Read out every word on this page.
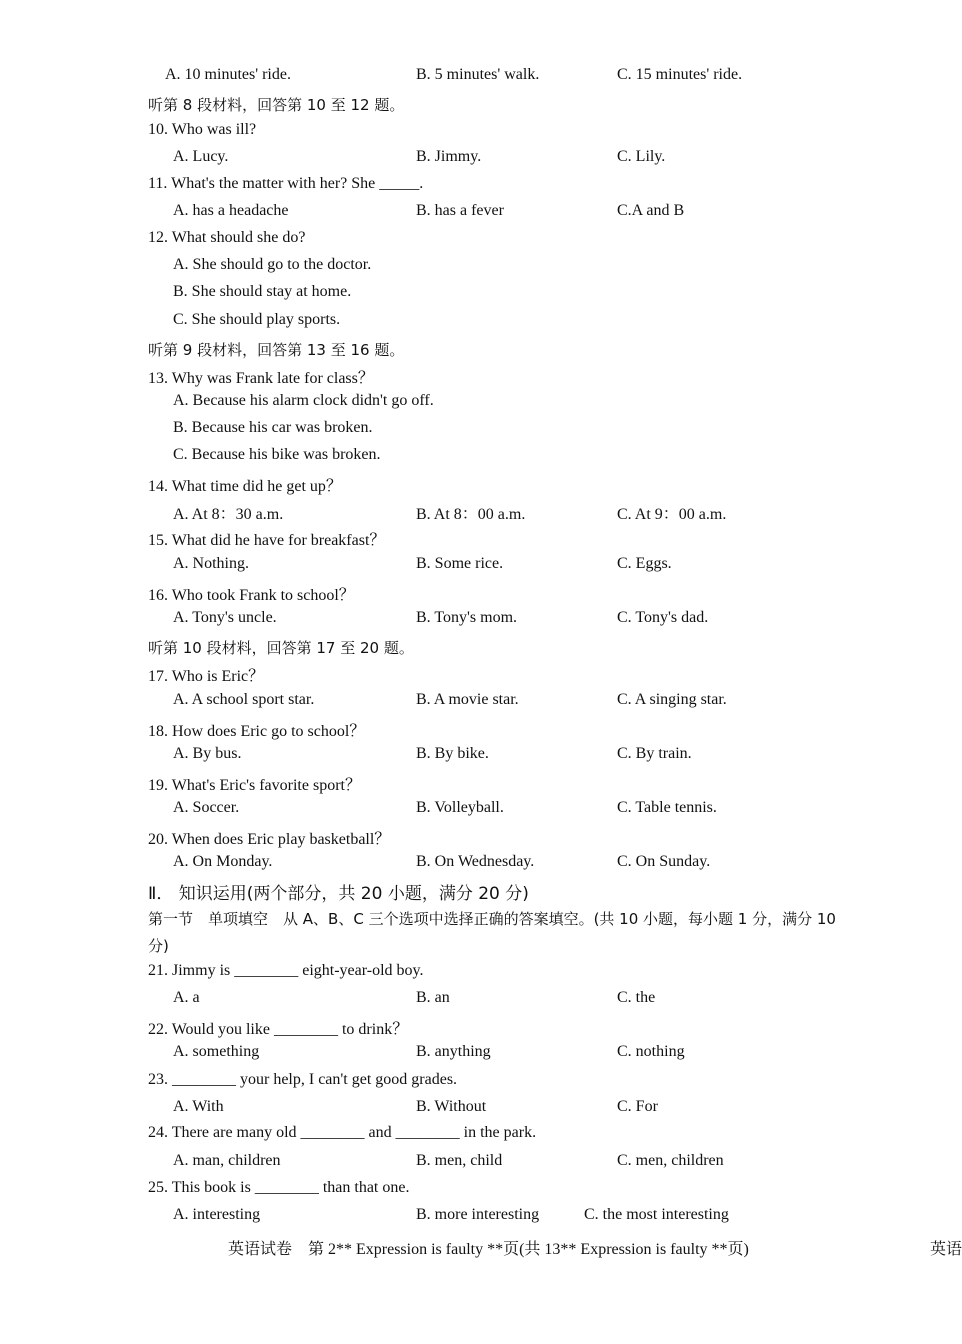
A. 10 minutes' ride.	B. 5 minutes' walk.	C. 15 minutes' ride.
听第 8 段材料，回答第 10 至 12 题。
10. Who was ill?
A. Lucy.	B. Jimmy.	C. Lily.
11. What's the matter with her? She _____.
A. has a headache	B. has a fever	C.A and B
12. What should she do?
A. She should go to the doctor.
B. She should stay at home.
C. She should play sports.
听第 9 段材料，回答第 13 至 16 题。
13. Why was Frank late for class？
A. Because his alarm clock didn't go off.
B. Because his car was broken.
C. Because his bike was broken.
14. What time did he get up？
A. At 8：30 a.m.	B. At 8：00 a.m.	C. At 9：00 a.m.
15. What did he have for breakfast？
A. Nothing.	B. Some rice.	C. Eggs.
16. Who took Frank to school？
A. Tony's uncle.	B. Tony's mom.	C. Tony's dad.
听第 10 段材料，回答第 17 至 20 题。
17. Who is Eric？
A. A school sport star.	B. A movie star.	C. A singing star.
18. How does Eric go to school？
A. By bus.	B. By bike.	C. By train.
19. What's Eric's favorite sport？
A. Soccer.	B. Volleyball.	C. Table tennis.
20. When does Eric play basketball？
A. On Monday.	B. On Wednesday.	C. On Sunday.
Ⅱ． 知识运用(两个部分，共 20 小题，满分 20 分)
第一节　单项填空　从 A、B、C 三个选项中选择正确的答案填空。(共 10 小题，每小题 1 分，满分 10
分)
21. Jimmy is ________ eight-year-old boy.
A. a	B. an	C. the
22. Would you like ________ to drink？
A. something	B. anything	C. nothing
23. ________ your help, I can't get good grades.
A. With	B. Without	C. For
24. There are many old ________ and ________ in the park.
A. man, children	B. men, child	C. men, children
25. This book is ________ than that one.
A. interesting	B. more interesting	C. the most interesting
英语试卷　第 2** Expression is faulty **页(共 13** Expression is faulty **页)	英语
